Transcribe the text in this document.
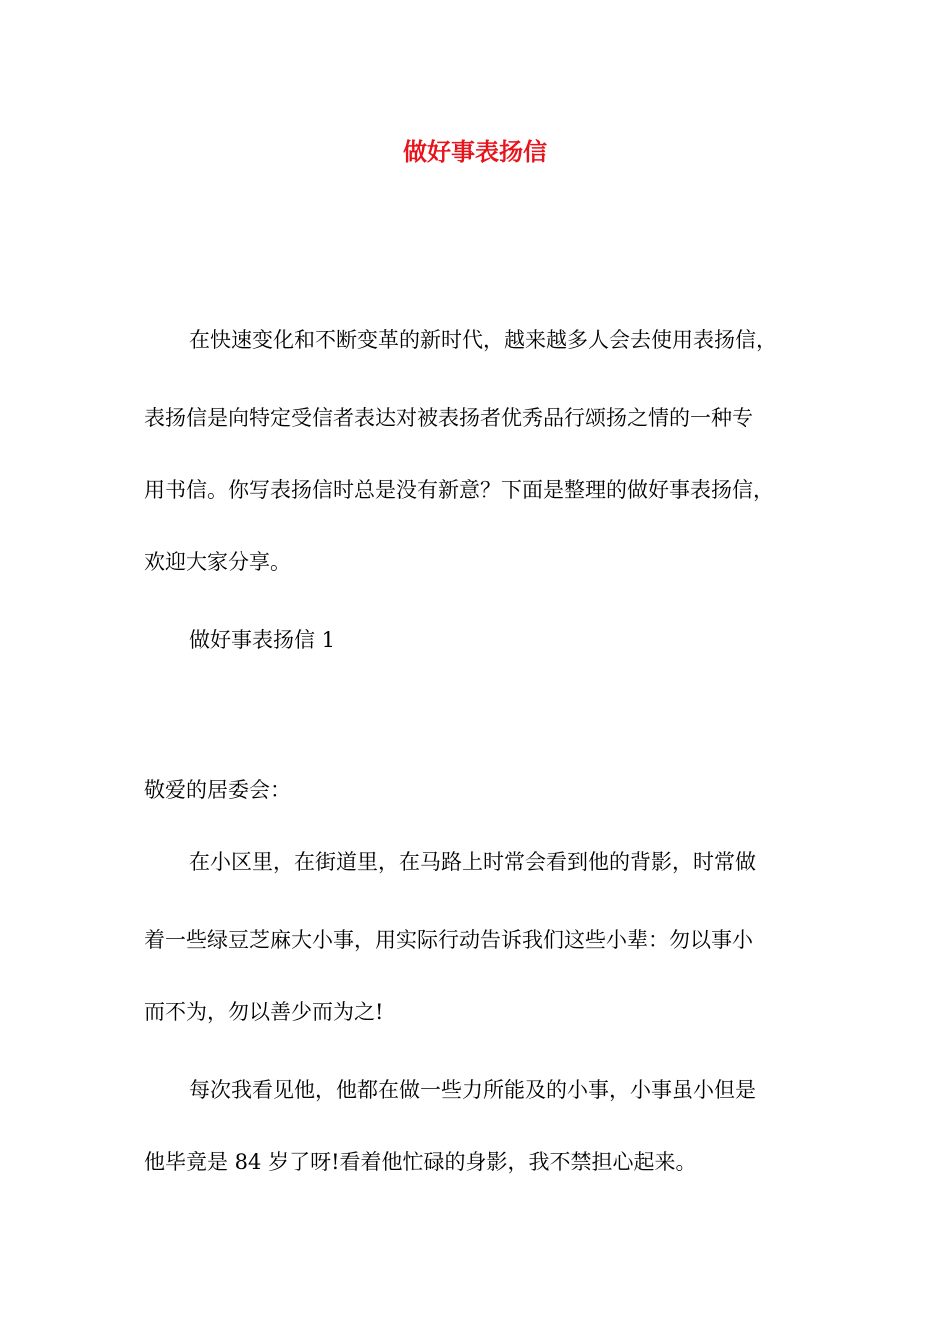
做好事表扬信

在快速变化和不断变革的新时代，越来越多人会去使用表扬信，

表扬信是向特定受信者表达对被表扬者优秀品行颂扬之情的一种专

用书信。你写表扬信时总是没有新意？下面是整理的做好事表扬信，

欢迎大家分享。

做好事表扬信 1

敬爱的居委会：

在小区里，在街道里，在马路上时常会看到他的背影，时常做

着一些绿豆芝麻大小事，用实际行动告诉我们这些小辈：勿以事小

而不为，勿以善少而为之!

每次我看见他，他都在做一些力所能及的小事，小事虽小但是

他毕竟是 84 岁了呀!看着他忙碌的身影，我不禁担心起来。
